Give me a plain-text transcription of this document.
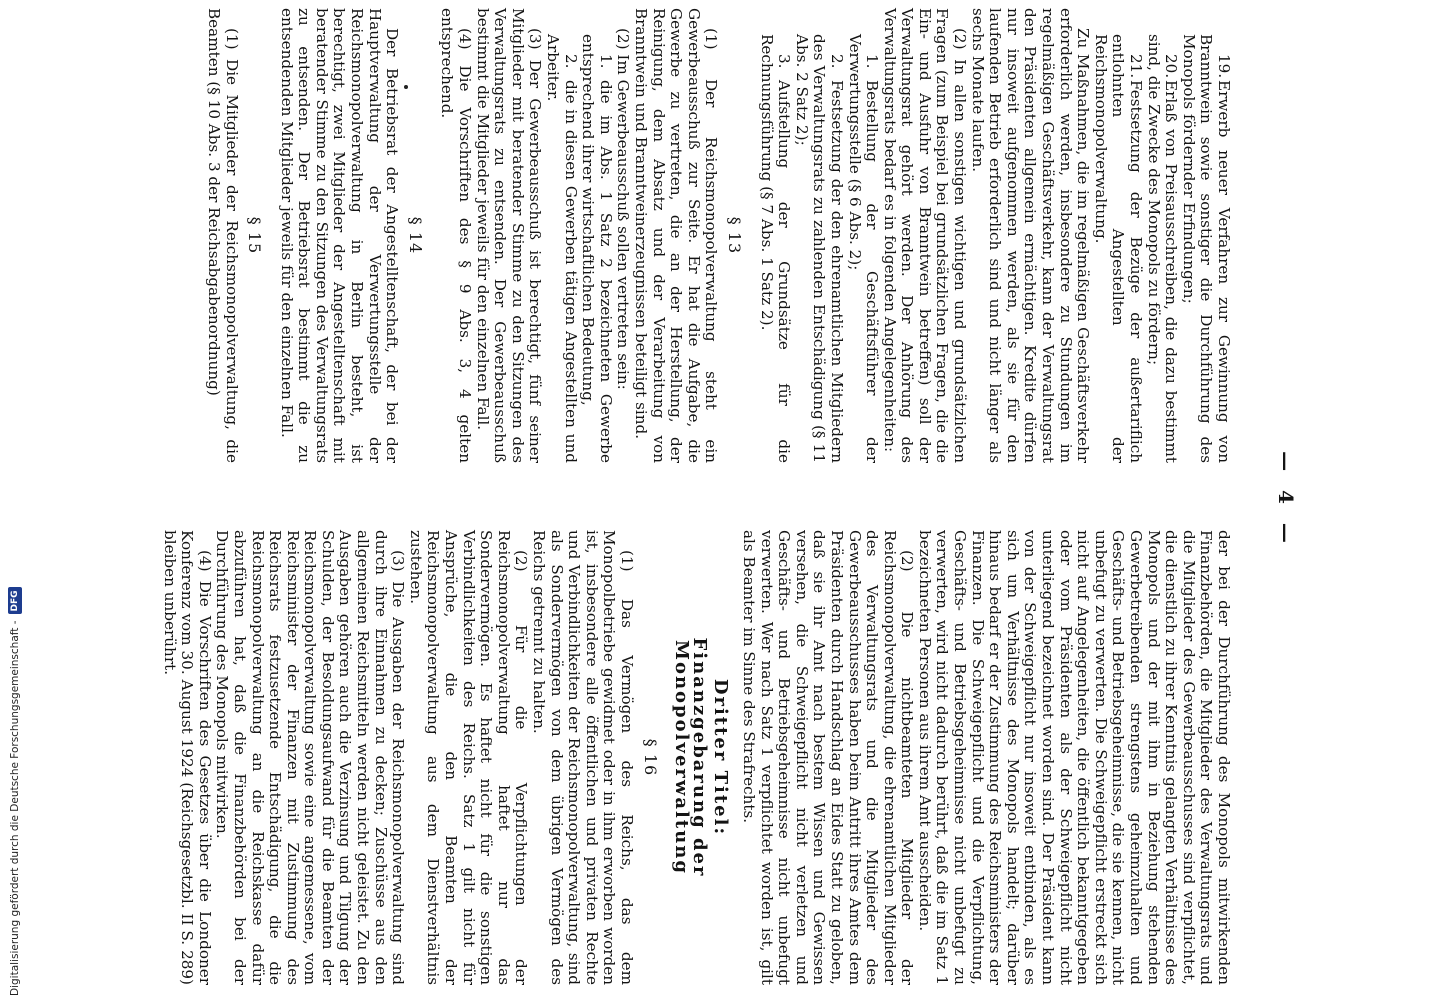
Digitalisierung gefördert durch die Deutsche Forschungsgemeinschaft -
DFG
— 4 —

19.Erwerb neuer Verfahren zur Gewinnung von Branntwein sowie sonstiger die Durchführung des Monopols fördernder Erfindungen;

20.Erlaß von Preisausschreiben, die dazu bestimmt sind, die Zwecke des Monopols zu fördern;

21.Festsetzung der Bezüge der außertariflich entlohnten Angestellten der Reichsmonopolverwaltung.

Zu Maßnahmen, die im regelmäßigen Geschäftsverkehr erforderlich werden, insbesondere zu Stundungen im regelmäßigen Geschäftsverkehr, kann der Verwaltungsrat den Präsidenten allgemein ermächtigen. Kredite dürfen nur insoweit aufgenommen werden, als sie für den laufenden Betrieb erforderlich sind und nicht länger als sechs Monate laufen.

(2) In allen sonstigen wichtigen und grundsätzlichen Fragen (zum Beispiel bei grundsätzlichen Fragen, die die Ein- und Ausfuhr von Branntwein betreffen) soll der Verwaltungsrat gehört werden. Der Anhörung des Verwaltungsrats bedarf es in folgenden Angelegenheiten:

1.Bestellung der Geschäftsführer der Verwertungsstelle (§ 6 Abs. 2);

2.Festsetzung der den ehrenamtlichen Mitgliedern des Verwaltungsrats zu zahlenden Entschädigung (§ 11 Abs. 2 Satz 2);

3.Aufstellung der Grundsätze für die Rechnungsführung (§ 7 Abs. 1 Satz 2).

§ 13

(1) Der Reichsmonopolverwaltung steht ein Gewerbeausschuß zur Seite. Er hat die Aufgabe, die Gewerbe zu vertreten, die an der Herstellung, der Reinigung, dem Absatz und der Verarbeitung von Branntwein und Branntweinerzeugnissen beteiligt sind.

(2) Im Gewerbeausschuß sollen vertreten sein:

1.die im Abs. 1 Satz 2 bezeichneten Gewerbe entsprechend ihrer wirtschaftlichen Bedeutung,

2.die in diesen Gewerben tätigen Angestellten und Arbeiter.

(3) Der Gewerbeausschuß ist berechtigt, fünf seiner Mitglieder mit beratender Stimme zu den Sitzungen des Verwaltungsrats zu entsenden. Der Gewerbeausschuß bestimmt die Mitglieder jeweils für den einzelnen Fall.

(4) Die Vorschriften des § 9 Abs. 3, 4 gelten entsprechend.

§ 14

Der Betriebsrat der Angestelltenschaft, der bei der Hauptverwaltung der Verwertungsstelle der Reichsmonopolverwaltung in Berlin besteht, ist berechtigt, zwei Mitglieder der Angestelltenschaft mit beratender Stimme zu den Sitzungen des Verwaltungsrats zu entsenden. Der Betriebsrat bestimmt die zu entsendenden Mitglieder jeweils für den einzelnen Fall.

§ 15

(1) Die Mitglieder der Reichsmonopolverwaltung, die Beamten (§ 10 Abs. 3 der Reichsabgabenordnung)

der bei der Durchführung des Monopols mitwirkenden Finanzbehörden, die Mitglieder des Verwaltungsrats und die Mitglieder des Gewerbeausschusses sind verpflichtet, die dienstlich zu ihrer Kenntnis gelangten Verhältnisse des Monopols und der mit ihm in Beziehung stehenden Gewerbetreibenden strengstens geheimzuhalten und Geschäfts- und Betriebsgeheimnisse, die sie kennen, nicht unbefugt zu verwerten. Die Schweigepflicht erstreckt sich nicht auf Angelegenheiten, die öffentlich bekanntgegeben oder vom Präsidenten als der Schweigepflicht nicht unterliegend bezeichnet worden sind. Der Präsident kann von der Schweigepflicht nur insoweit entbinden, als es sich um Verhältnisse des Monopols handelt; darüber hinaus bedarf er der Zustimmung des Reichsministers der Finanzen. Die Schweigepflicht und die Verpflichtung, Geschäfts- und Betriebsgeheimnisse nicht unbefugt zu verwerten, wird nicht dadurch berührt, daß die im Satz 1 bezeichneten Personen aus ihrem Amt ausscheiden.

(2) Die nichtbeamteten Mitglieder der Reichsmonopolverwaltung, die ehrenamtlichen Mitglieder des Verwaltungsrats und die Mitglieder des Gewerbeausschusses haben beim Antritt ihres Amtes dem Präsidenten durch Handschlag an Eides Statt zu geloben, daß sie ihr Amt nach bestem Wissen und Gewissen versehen, die Schweigepflicht nicht verletzen und Geschäfts- und Betriebsgeheimnisse nicht unbefugt verwerten. Wer nach Satz 1 verpflichtet worden ist, gilt als Beamter im Sinne des Strafrechts.

Dritter Titel:

Finanzgebarung der Monopolverwaltung

§ 16

(1) Das Vermögen des Reichs, das dem Monopolbetriebe gewidmet oder in ihm erworben worden ist, insbesondere alle öffentlichen und privaten Rechte und Verbindlichkeiten der Reichsmonopolverwaltung, sind als Sondervermögen von dem übrigen Vermögen des Reichs getrennt zu halten.

(2) Für die Verpflichtungen der Reichsmonopolverwaltung haftet nur das Sondervermögen. Es haftet nicht für die sonstigen Verbindlichkeiten des Reichs. Satz 1 gilt nicht für Ansprüche, die den Beamten der Reichsmonopolverwaltung aus dem Dienstverhältnis zustehen.

(3) Die Ausgaben der Reichsmonopolverwaltung sind durch ihre Einnahmen zu decken; Zuschüsse aus den allgemeinen Reichsmitteln werden nicht geleistet. Zu den Ausgaben gehören auch die Verzinsung und Tilgung der Schulden, der Besoldungsaufwand für die Beamten der Reichsmonopolverwaltung sowie eine angemessene, vom Reichsminister der Finanzen mit Zustimmung des Reichsrats festzusetzende Entschädigung, die die Reichsmonopolverwaltung an die Reichskasse dafür abzuführen hat, daß die Finanzbehörden bei der Durchführung des Monopols mitwirken.

(4) Die Vorschriften des Gesetzes über die Londoner Konferenz vom 30. August 1924 (Reichsgesetzbl. II S. 289) bleiben unberührt.
